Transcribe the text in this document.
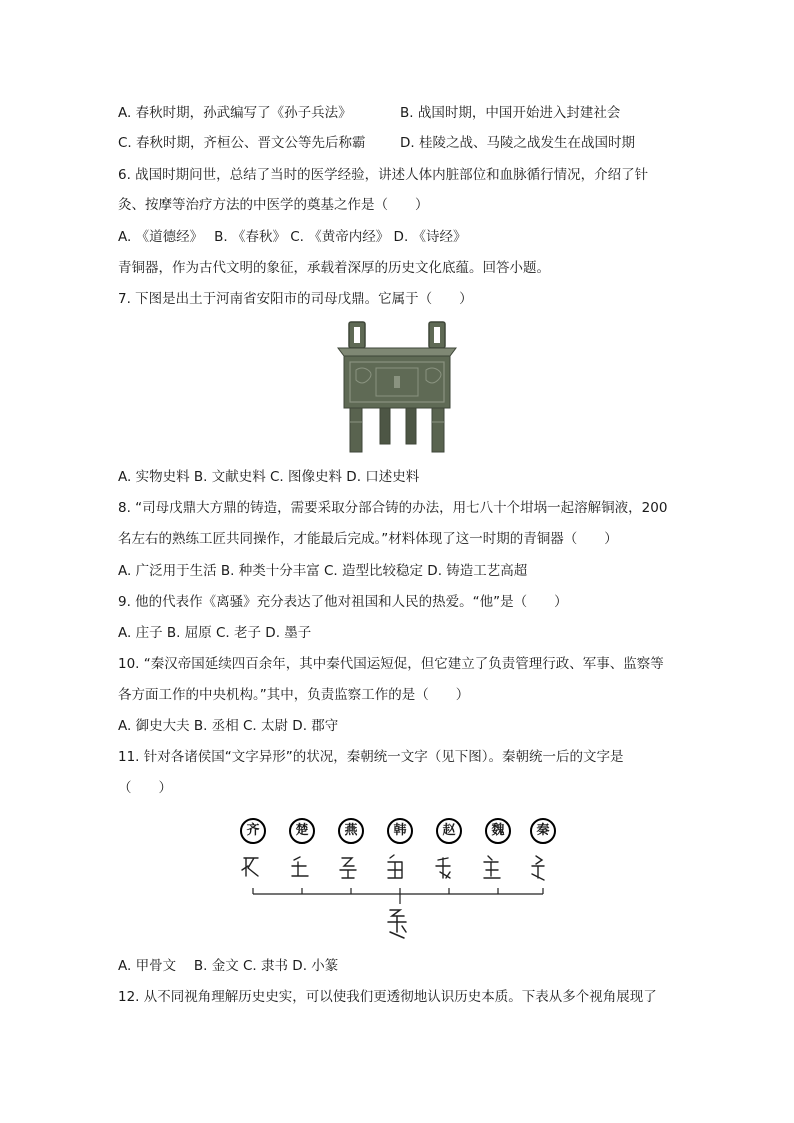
A. 春秋时期，孙武编写了《孙子兵法》	B. 战国时期，中国开始进入封建社会
C. 春秋时期，齐桓公、晋文公等先后称霸	D. 桂陵之战、马陵之战发生在战国时期
6. 战国时期问世，总结了当时的医学经验，讲述人体内脏部位和血脉循行情况，介绍了针
灸、按摩等治疗方法的中医学的奠基之作是（　　）
A. 《道德经》　 B. 《春秋》 C. 《黄帝内经》 D. 《诗经》
青铜器，作为古代文明的象征，承载着深厚的历史文化底蕴。回答小题。
7. 下图是出土于河南省安阳市的司母戊鼎。它属于（　　）
A. 实物史料 B. 文献史料 C. 图像史料 D. 口述史料
8. “司母戊鼎大方鼎的铸造，需要采取分部合铸的办法，用七八十个坩埚一起溶解铜液，200
名左右的熟练工匠共同操作，才能最后完成。”材料体现了这一时期的青铜器（　　）
A. 广泛用于生活 B. 种类十分丰富 C. 造型比较稳定 D. 铸造工艺高超
9. 他的代表作《离骚》充分表达了他对祖国和人民的热爱。“他”是（　　）
A. 庄子 B. 屈原 C. 老子 D. 墨子
10. “秦汉帝国延续四百余年，其中秦代国运短促，但它建立了负责管理行政、军事、监察等
各方面工作的中央机构。”其中，负责监察工作的是（　　）
A. 御史大夫 B. 丞相 C. 太尉 D. 郡守
11. 针对各诸侯国“文字异形”的状况，秦朝统一文字（见下图）。秦朝统一后的文字是
（　　）
齐	楚	燕	韩	赵	魏	秦
A. 甲骨文　 B. 金文 C. 隶书 D. 小篆
12. 从不同视角理解历史史实，可以使我们更透彻地认识历史本质。下表从多个视角展现了
